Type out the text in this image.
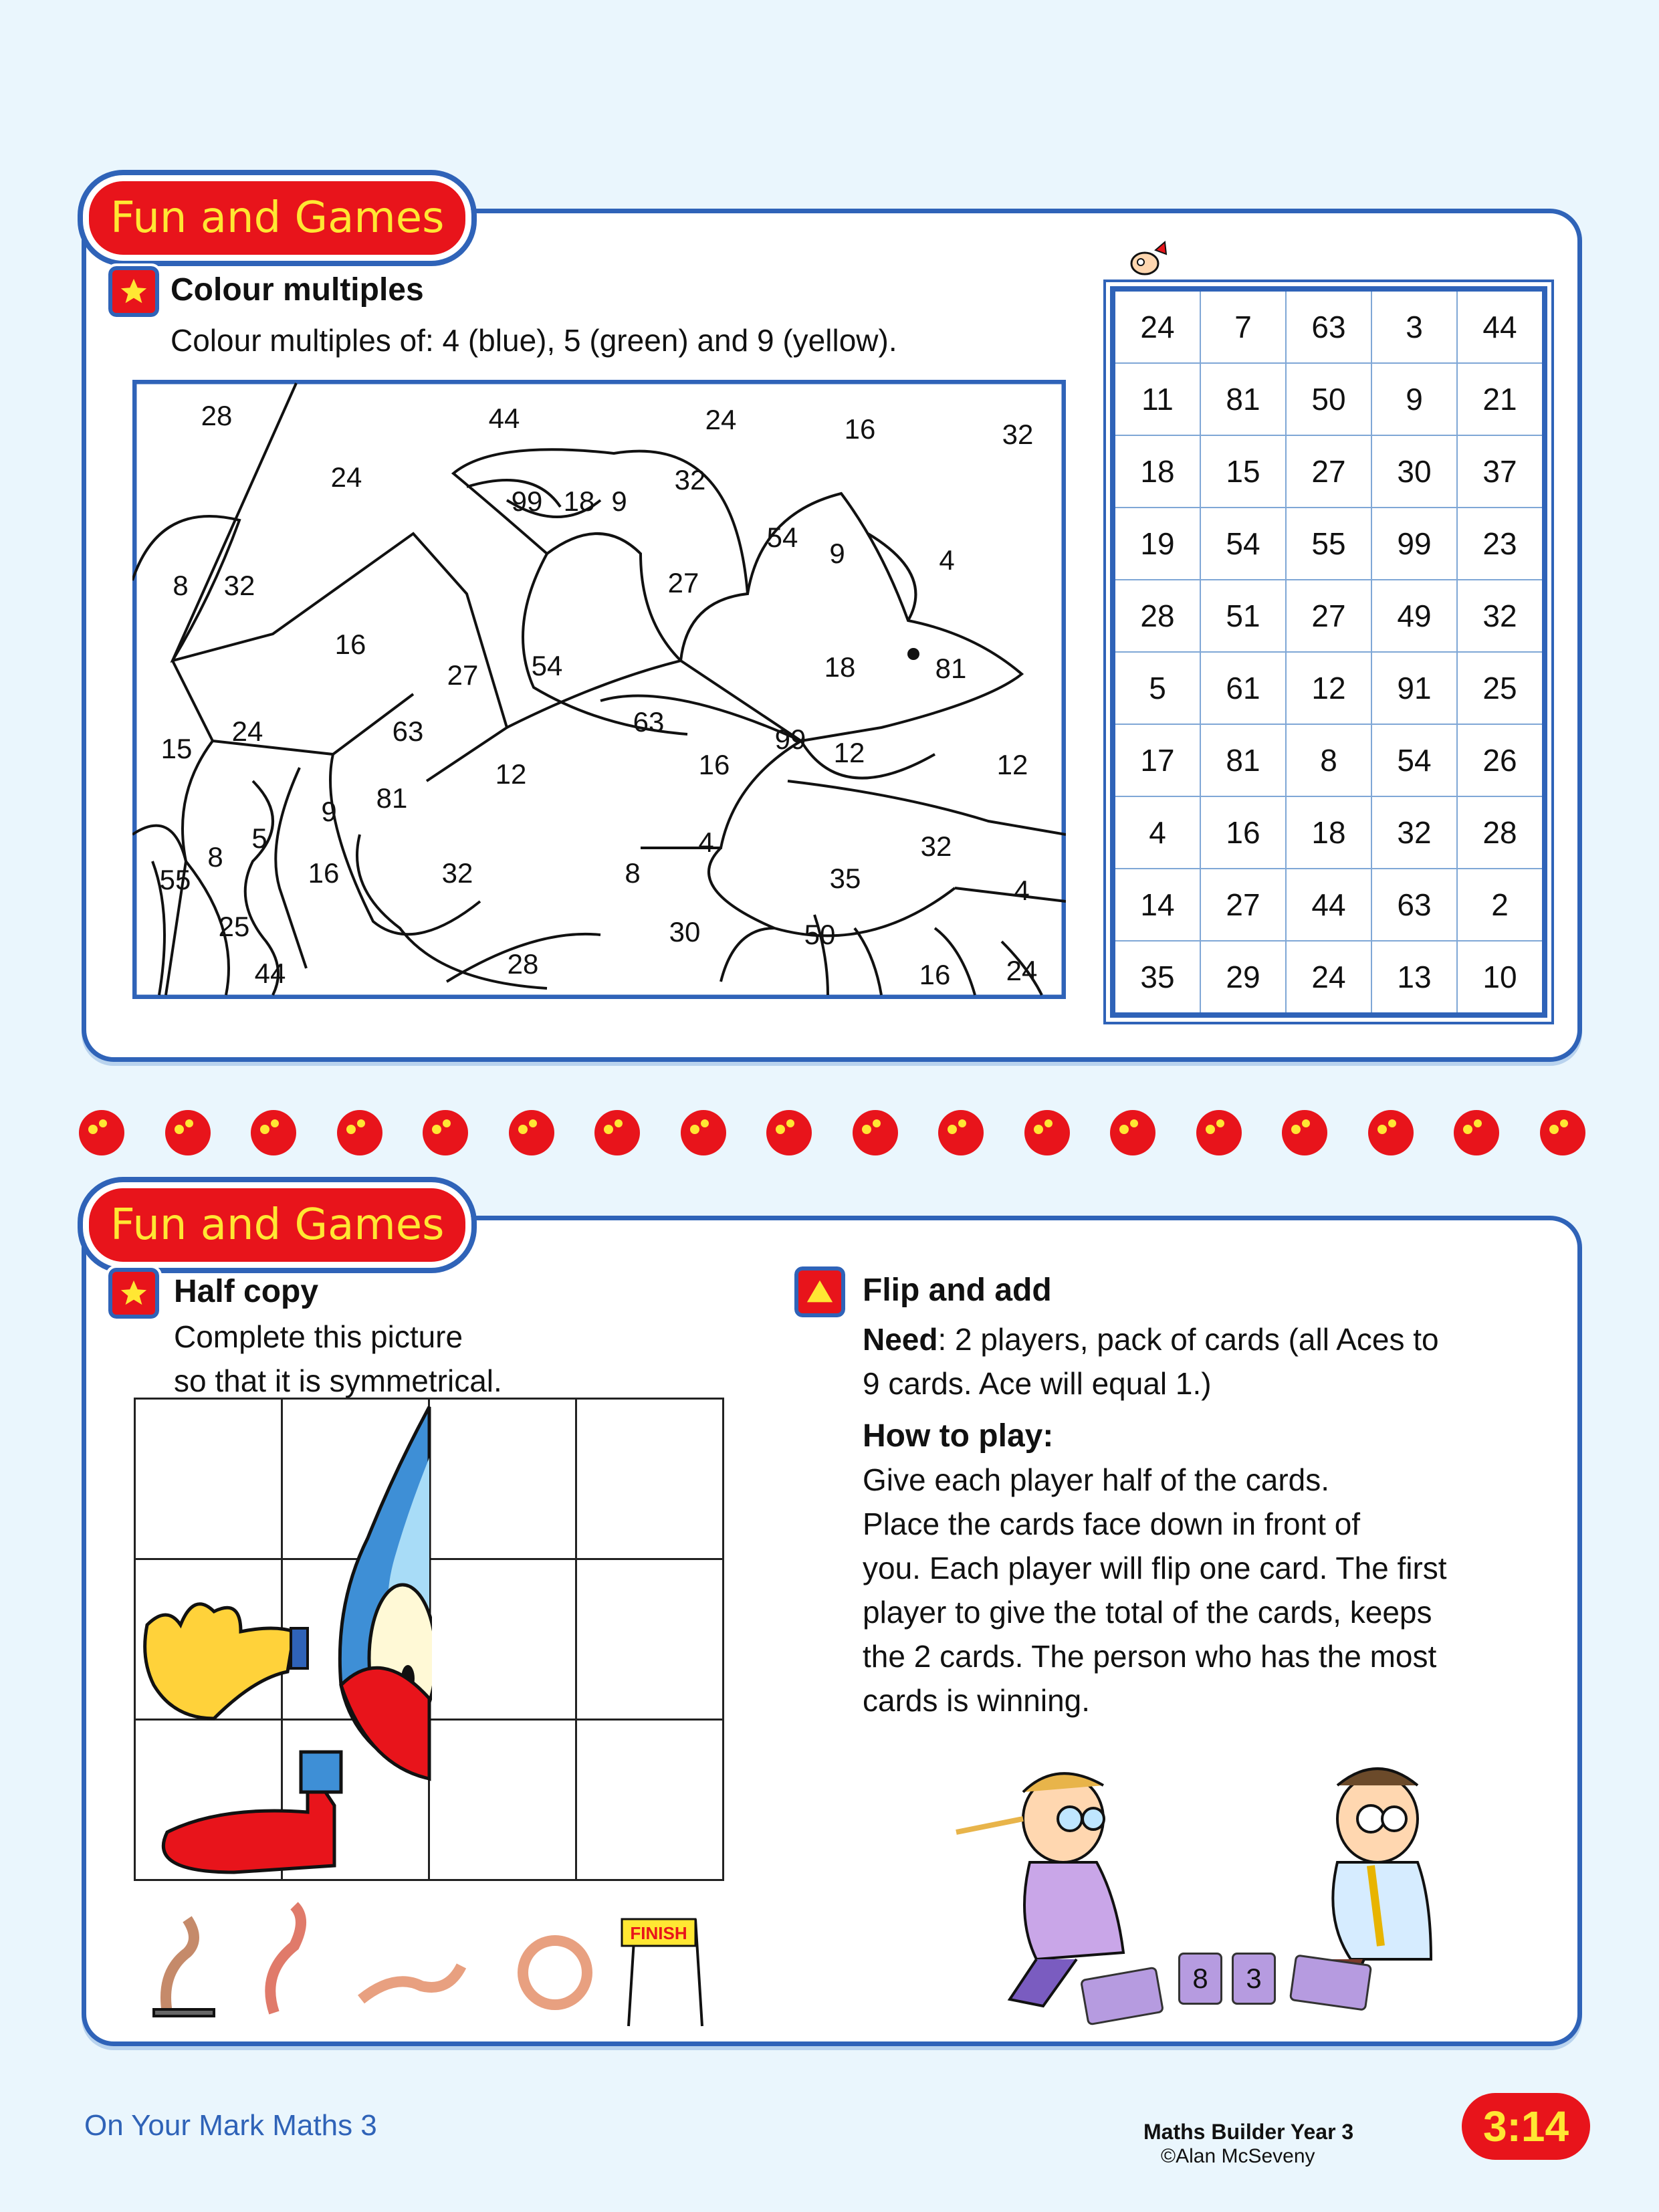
Fun and Games
Colour multiples
Colour multiples of: 4 (blue), 5 (green) and 9 (yellow).
28	44	24	16	32
24
99 18 9
32
54
9	4
8 32	27
16
27 54	18	81
15
24	63	63
99 12
16	12
9 81
12
5
8
16	32
4	32
55	8	35	4
25	30	50
44	28	16 24
24	7	63	3	44
11	81	50	9	21
18	15	27	30	37
19	54	55	99	23
28	51	27	49	32
5	61	12	91	25
17	81	8	54	26
4	16	18	32	28
14	27	44	63	2
35	29	24	13	10
Fun and Games
Half copy
Complete this picture
so that it is symmetrical.

FINISH
Flip and add
Need: 2 players, pack of cards (all Aces to
9 cards. Ace will equal 1.)
How to play:
Give each player half of the cards.
Place the cards face down in front of
you. Each player will flip one card. The first
player to give the total of the cards, keeps
the 2 cards. The person who has the most
cards is winning.
8	3
On Your Mark Maths 3	Maths Builder Year 3
©Alan McSeveny
3:14
